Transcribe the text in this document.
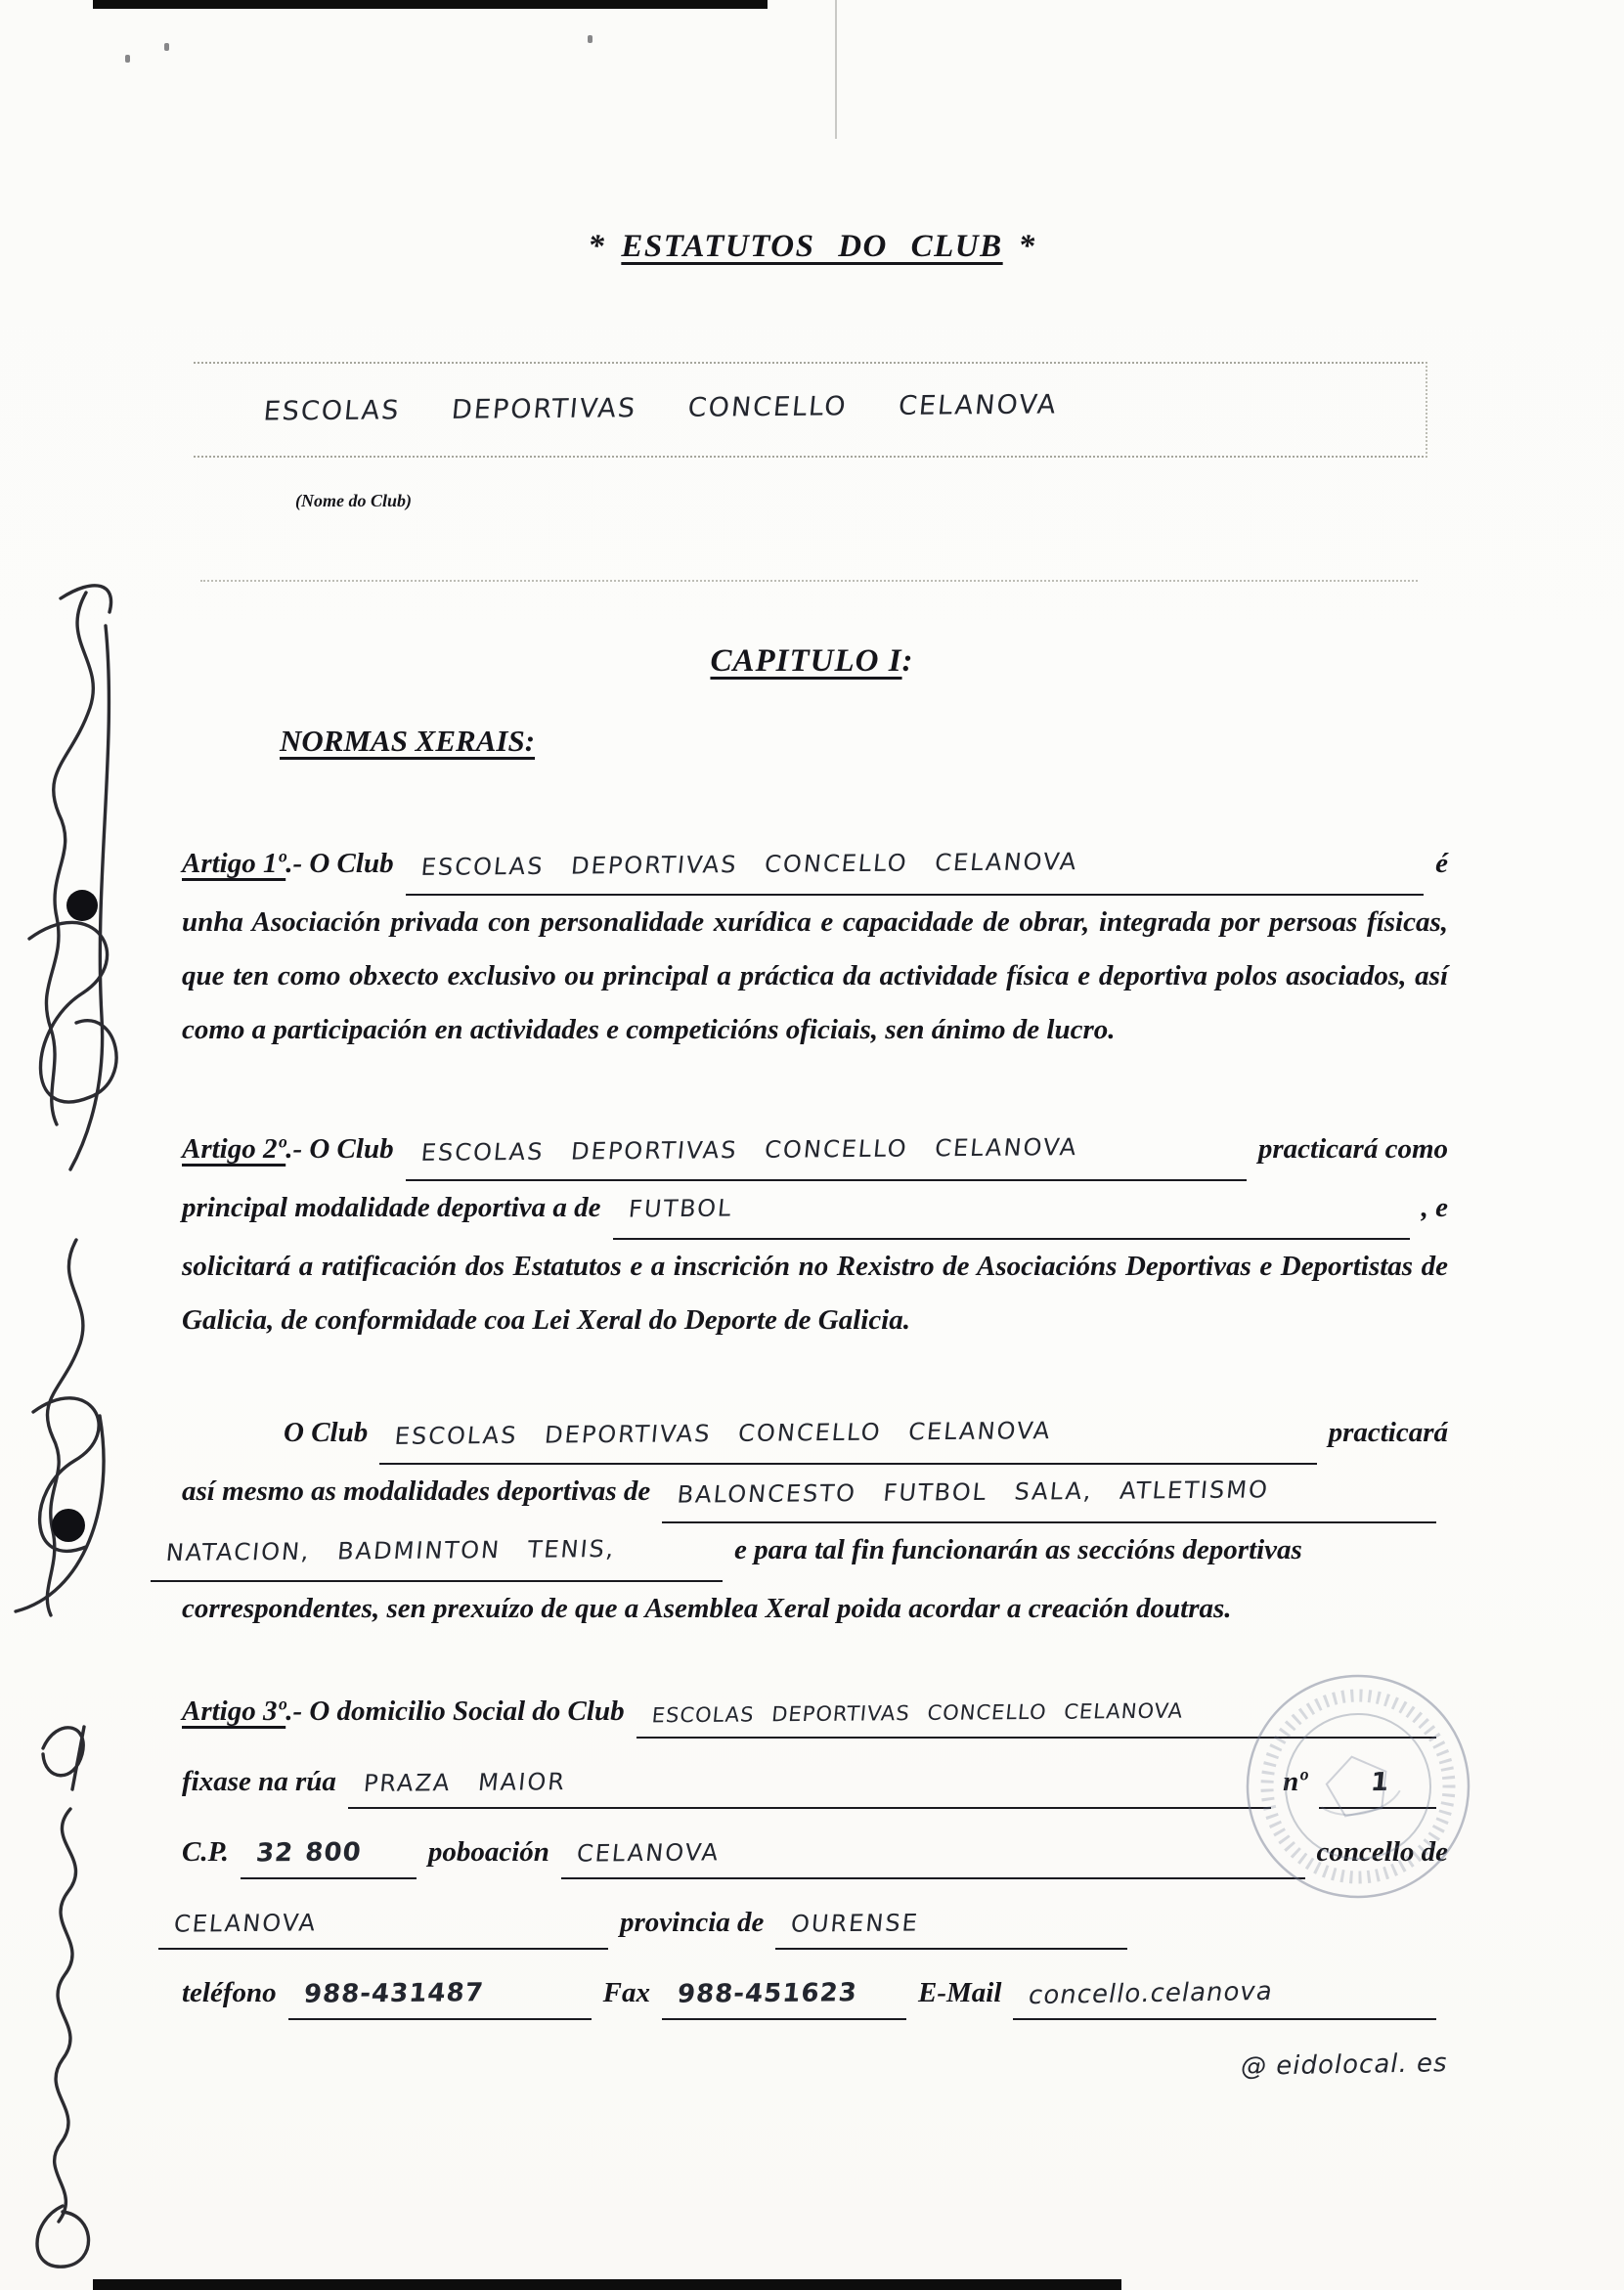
* ESTATUTOS DO CLUB *
ESCOLAS DEPORTIVAS CONCELLO CELANOVA
(Nome do Club)
CAPITULO I:
NORMAS XERAIS:
Artigo 1º.- O Club	ESCOLAS DEPORTIVAS CONCELLO CELANOVA	é

unha Asociación privada con personalidade xurídica e capacidade de obrar, integrada por persoas físicas, que ten como obxecto exclusivo ou principal a práctica da actividade física e deportiva polos asociados, así como a participación en actividades e competicións oficiais, sen ánimo de lucro.

Artigo 2º.- O Club	ESCOLAS DEPORTIVAS CONCELLO CELANOVA	practicará como
principal modalidade deportiva a de	FUTBOL	, e

solicitará a ratificación dos Estatutos e a inscrición no Rexistro de Asociacións Deportivas e Deportistas de Galicia, de conformidade coa Lei Xeral do Deporte de Galicia.

O Club	ESCOLAS DEPORTIVAS CONCELLO CELANOVA	practicará
así mesmo as modalidades deportivas de	BALONCESTO FUTBOL SALA, ATLETISMO
NATACION, BADMINTON TENIS,	e para tal fin funcionarán as seccións deportivas

correspondentes, sen prexuízo de que a Asemblea Xeral poida acordar a creación doutras.

Artigo 3º.- O domicilio Social do Club	ESCOLAS DEPORTIVAS CONCELLO CELANOVA
fixase na rúa	PRAZA MAIOR	nº	1
C.P.	32 800	poboación	CELANOVA	concello de
CELANOVA	provincia de	OURENSE
teléfono	988-431487	Fax	988-451623	E-Mail	concello.celanova
@ eidolocal. es
